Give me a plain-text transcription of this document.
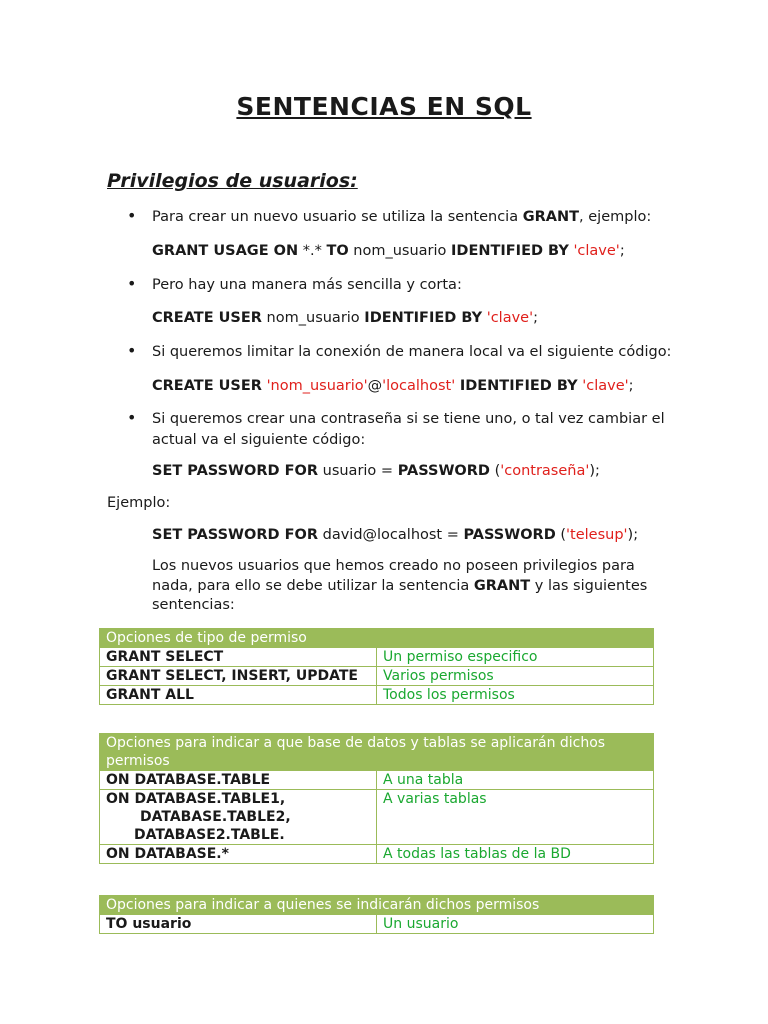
SENTENCIAS EN SQL
Privilegios de usuarios:
• Para crear un nuevo usuario se utiliza la sentencia GRANT, ejemplo:
GRANT USAGE ON *.* TO nom_usuario IDENTIFIED BY 'clave';
• Pero hay una manera más sencilla y corta:
CREATE USER nom_usuario IDENTIFIED BY 'clave';
• Si queremos limitar la conexión de manera local va el siguiente código:
CREATE USER 'nom_usuario'@'localhost' IDENTIFIED BY 'clave';
• Si queremos crear una contraseña si se tiene uno, o tal vez cambiar el
actual va el siguiente código:
SET PASSWORD FOR usuario = PASSWORD ('contraseña');
Ejemplo:
SET PASSWORD FOR david@localhost = PASSWORD ('telesup');
Los nuevos usuarios que hemos creado no poseen privilegios para nada, para ello se debe utilizar la sentencia GRANT y las siguientes sentencias:
Opciones de tipo de permiso	
GRANT SELECT	Un permiso especifico
GRANT SELECT, INSERT, UPDATE	Varios permisos
GRANT ALL	Todos los permisos
Opciones para indicar a que base de datos y tablas se aplicarán dichos permisos	
ON DATABASE.TABLE	A una tabla

ON DATABASE.TABLE1,
DATABASE.TABLE2,
DATABASE2.TABLE.	A varias tablas
ON DATABASE.*	A todas las tablas de la BD
Opciones para indicar a quienes se indicarán dichos permisos
TO usuario	Un usuario
